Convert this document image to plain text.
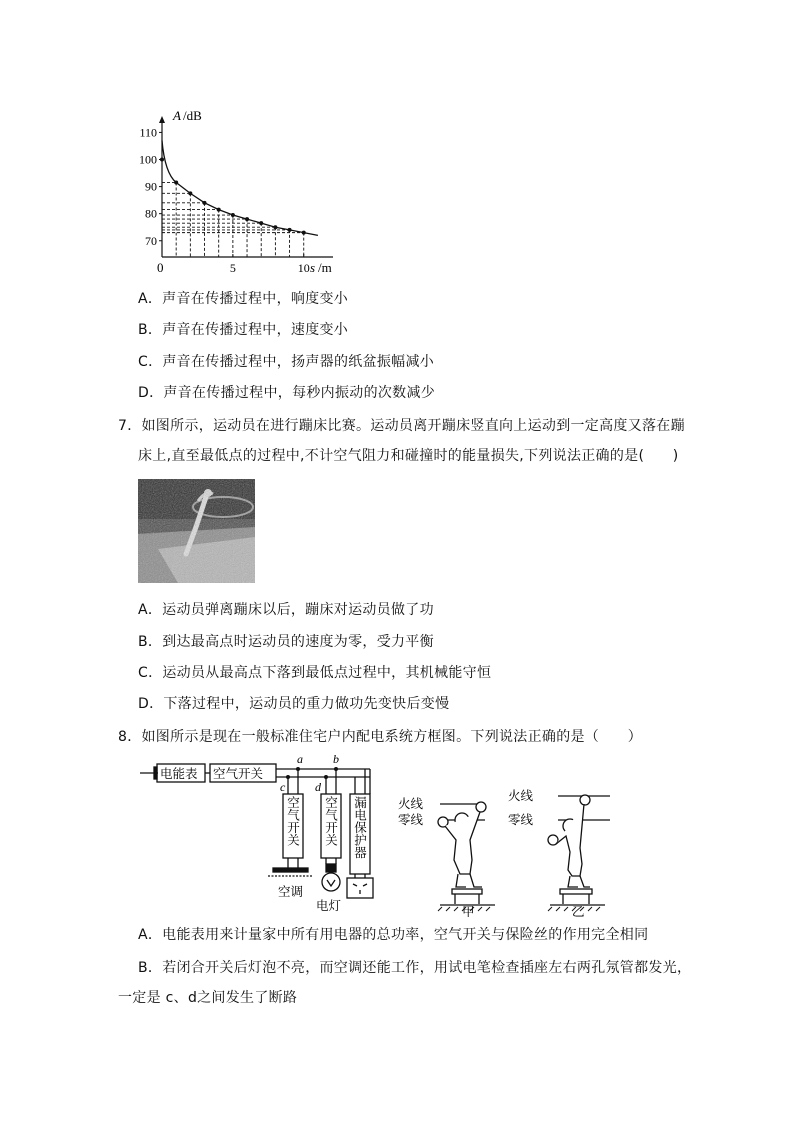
110
100
90
80
70
5	10
A /dB
s /m
0
A．声音在传播过程中，响度变小
B．声音在传播过程中，速度变小
C．声音在传播过程中，扬声器的纸盆振幅减小
D．声音在传播过程中，每秒内振动的次数减少
7．如图所示，运动员在进行蹦床比赛。运动员离开蹦床竖直向上运动到一定高度又落在蹦
床上,直至最低点的过程中,不计空气阻力和碰撞时的能量损失,下列说法正确的是(　　)
A．运动员弹离蹦床以后，蹦床对运动员做了功
B．到达最高点时运动员的速度为零，受力平衡
C．运动员从最高点下落到最低点过程中，其机械能守恒
D．下落过程中，运动员的重力做功先变快后变慢
8．如图所示是现在一般标准住宅户内配电系统方框图。下列说法正确的是（　　）
电能表 空气开关
a	b
c d
空气开关 空气开关 漏电保护器
空调
电灯
火线
零线
火线
零线
甲	乙
A．电能表用来计量家中所有用电器的总功率，空气开关与保险丝的作用完全相同
B．若闭合开关后灯泡不亮，而空调还能工作，用试电笔检查插座左右两孔氖管都发光，
一定是 c、d之间发生了断路
